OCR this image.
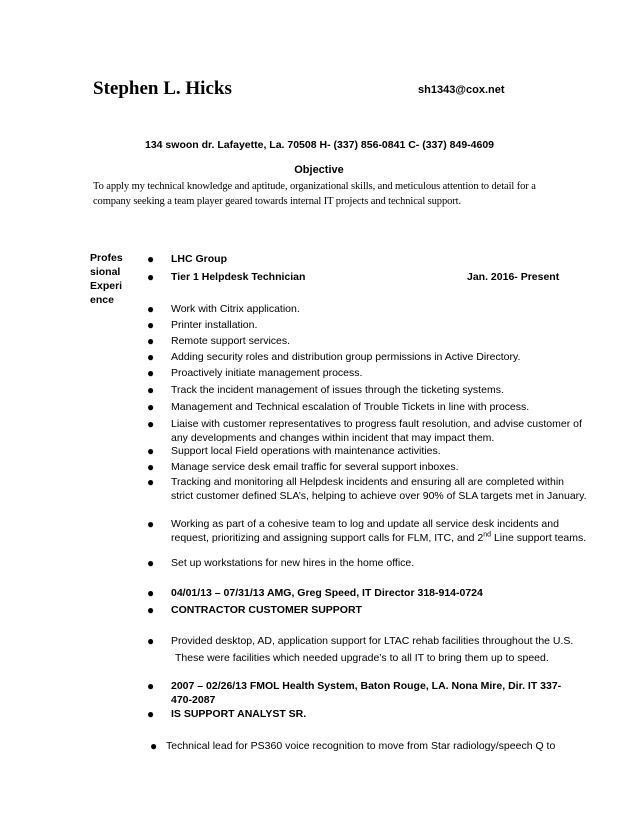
Stephen L. Hicks	sh1343@cox.net
134 swoon dr. Lafayette, La. 70508 H- (337) 856-0841 C- (337) 849-4609
Objective
To apply my technical knowledge and aptitude, organizational skills, and meticulous attention to detail for a company seeking a team player geared towards internal IT projects and technical support.
Profes sional Experi ence
● LHC Group
● Tier 1 Helpdesk Technician	Jan. 2016- Present
● Work with Citrix application.
● Printer installation.
● Remote support services.
● Adding security roles and distribution group permissions in Active Directory.
● Proactively initiate management process.
● Track the incident management of issues through the ticketing systems.
● Management and Technical escalation of Trouble Tickets in line with process.
● Liaise with customer representatives to progress fault resolution, and advise customer of any developments and changes within incident that may impact them.
● Support local Field operations with maintenance activities.
● Manage service desk email traffic for several support inboxes.
● Tracking and monitoring all Helpdesk incidents and ensuring all are completed within strict customer defined SLA’s, helping to achieve over 90% of SLA targets met in January.
● Working as part of a cohesive team to log and update all service desk incidents and request, prioritizing and assigning support calls for FLM, ITC, and 2nd Line support teams.
● Set up workstations for new hires in the home office.
● 04/01/13 – 07/31/13 AMG, Greg Speed, IT Director 318-914-0724
● CONTRACTOR CUSTOMER SUPPORT
● Provided desktop, AD, application support for LTAC rehab facilities throughout the U.S.
These were facilities which needed upgrade’s to all IT to bring them up to speed.
● 2007 – 02/26/13 FMOL Health System, Baton Rouge, LA. Nona Mire, Dir. IT 337-470-2087
● IS SUPPORT ANALYST SR.
● Technical lead for PS360 voice recognition to move from Star radiology/speech Q to
